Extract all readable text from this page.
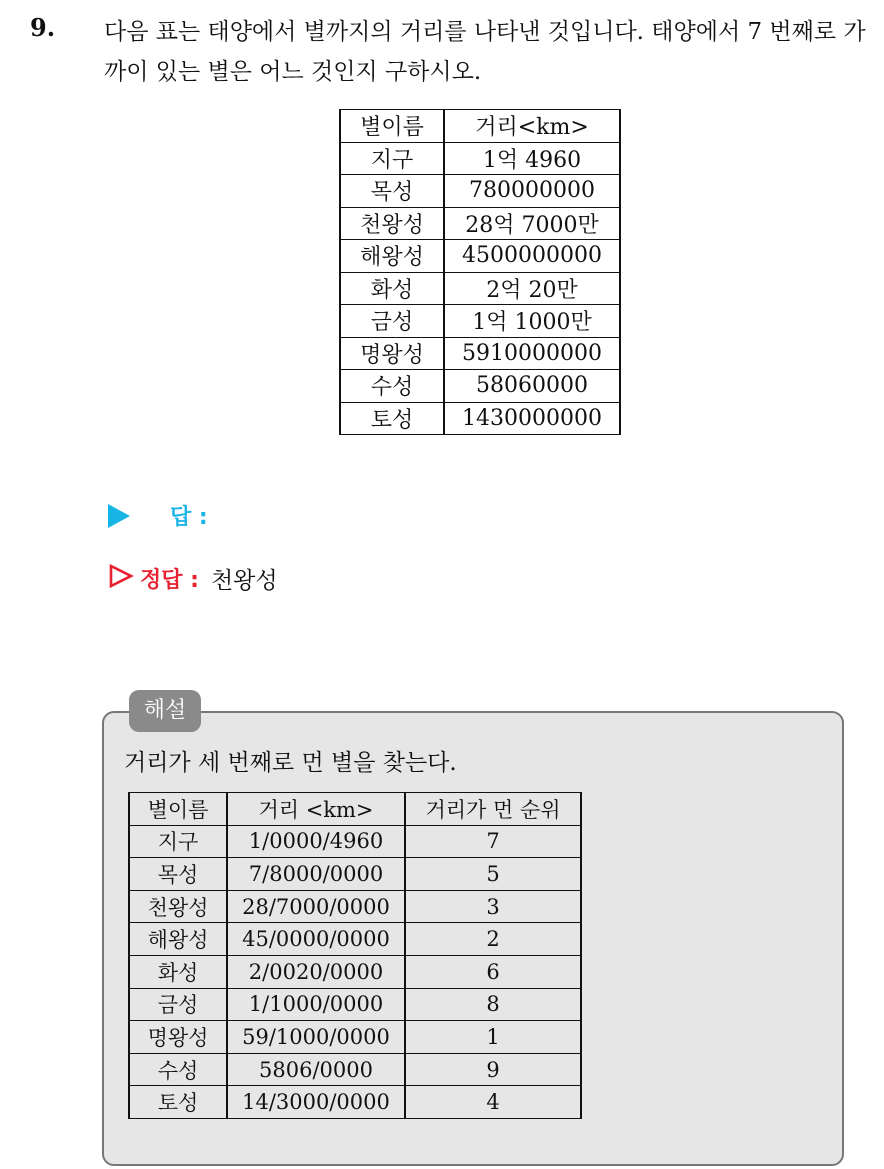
9. 다음 표는 태양에서 별까지의 거리를 나타낸 것입니다. 태양에서 7 번째로 가까이 있는 별은 어느 것인지 구하시오.
별이름	거리<km>
지구	1억 4960
목성	780000000
천왕성	28억 7000만
해왕성	4500000000
화성	2억 20만
금성	1억 1000만
명왕성	5910000000
수성	58060000
토성	1430000000
답 :
정답 : 천왕성
해설
거리가 세 번째로 먼 별을 찾는다.
별이름	거리 <km>	거리가 먼 순위
지구	1/0000/4960	7
목성	7/8000/0000	5
천왕성	28/7000/0000	3
해왕성	45/0000/0000	2
화성	2/0020/0000	6
금성	1/1000/0000	8
명왕성	59/1000/0000	1
수성	5806/0000	9
토성	14/3000/0000	4
